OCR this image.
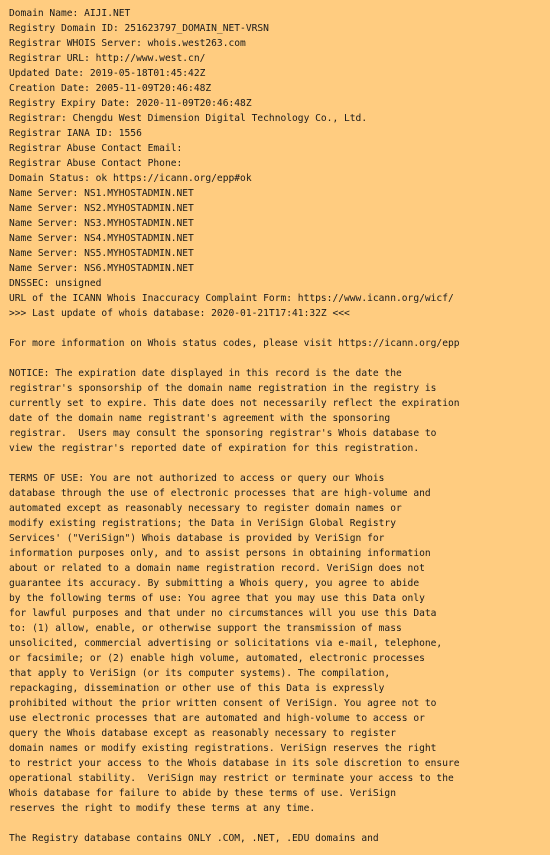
Domain Name: AIJI.NET
Registry Domain ID: 251623797_DOMAIN_NET-VRSN
Registrar WHOIS Server: whois.west263.com
Registrar URL: http://www.west.cn/
Updated Date: 2019-05-18T01:45:42Z
Creation Date: 2005-11-09T20:46:48Z
Registry Expiry Date: 2020-11-09T20:46:48Z
Registrar: Chengdu West Dimension Digital Technology Co., Ltd.
Registrar IANA ID: 1556
Registrar Abuse Contact Email:
Registrar Abuse Contact Phone:
Domain Status: ok https://icann.org/epp#ok
Name Server: NS1.MYHOSTADMIN.NET
Name Server: NS2.MYHOSTADMIN.NET
Name Server: NS3.MYHOSTADMIN.NET
Name Server: NS4.MYHOSTADMIN.NET
Name Server: NS5.MYHOSTADMIN.NET
Name Server: NS6.MYHOSTADMIN.NET
DNSSEC: unsigned
URL of the ICANN Whois Inaccuracy Complaint Form: https://www.icann.org/wicf/
>>> Last update of whois database: 2020-01-21T17:41:32Z <<<
For more information on Whois status codes, please visit https://icann.org/epp
NOTICE: The expiration date displayed in this record is the date the
registrar's sponsorship of the domain name registration in the registry is
currently set to expire. This date does not necessarily reflect the expiration
date of the domain name registrant's agreement with the sponsoring
registrar.  Users may consult the sponsoring registrar's Whois database to
view the registrar's reported date of expiration for this registration.
TERMS OF USE: You are not authorized to access or query our Whois
database through the use of electronic processes that are high-volume and
automated except as reasonably necessary to register domain names or
modify existing registrations; the Data in VeriSign Global Registry
Services' ("VeriSign") Whois database is provided by VeriSign for
information purposes only, and to assist persons in obtaining information
about or related to a domain name registration record. VeriSign does not
guarantee its accuracy. By submitting a Whois query, you agree to abide
by the following terms of use: You agree that you may use this Data only
for lawful purposes and that under no circumstances will you use this Data
to: (1) allow, enable, or otherwise support the transmission of mass
unsolicited, commercial advertising or solicitations via e-mail, telephone,
or facsimile; or (2) enable high volume, automated, electronic processes
that apply to VeriSign (or its computer systems). The compilation,
repackaging, dissemination or other use of this Data is expressly
prohibited without the prior written consent of VeriSign. You agree not to
use electronic processes that are automated and high-volume to access or
query the Whois database except as reasonably necessary to register
domain names or modify existing registrations. VeriSign reserves the right
to restrict your access to the Whois database in its sole discretion to ensure
operational stability.  VeriSign may restrict or terminate your access to the
Whois database for failure to abide by these terms of use. VeriSign
reserves the right to modify these terms at any time.
The Registry database contains ONLY .COM, .NET, .EDU domains and
